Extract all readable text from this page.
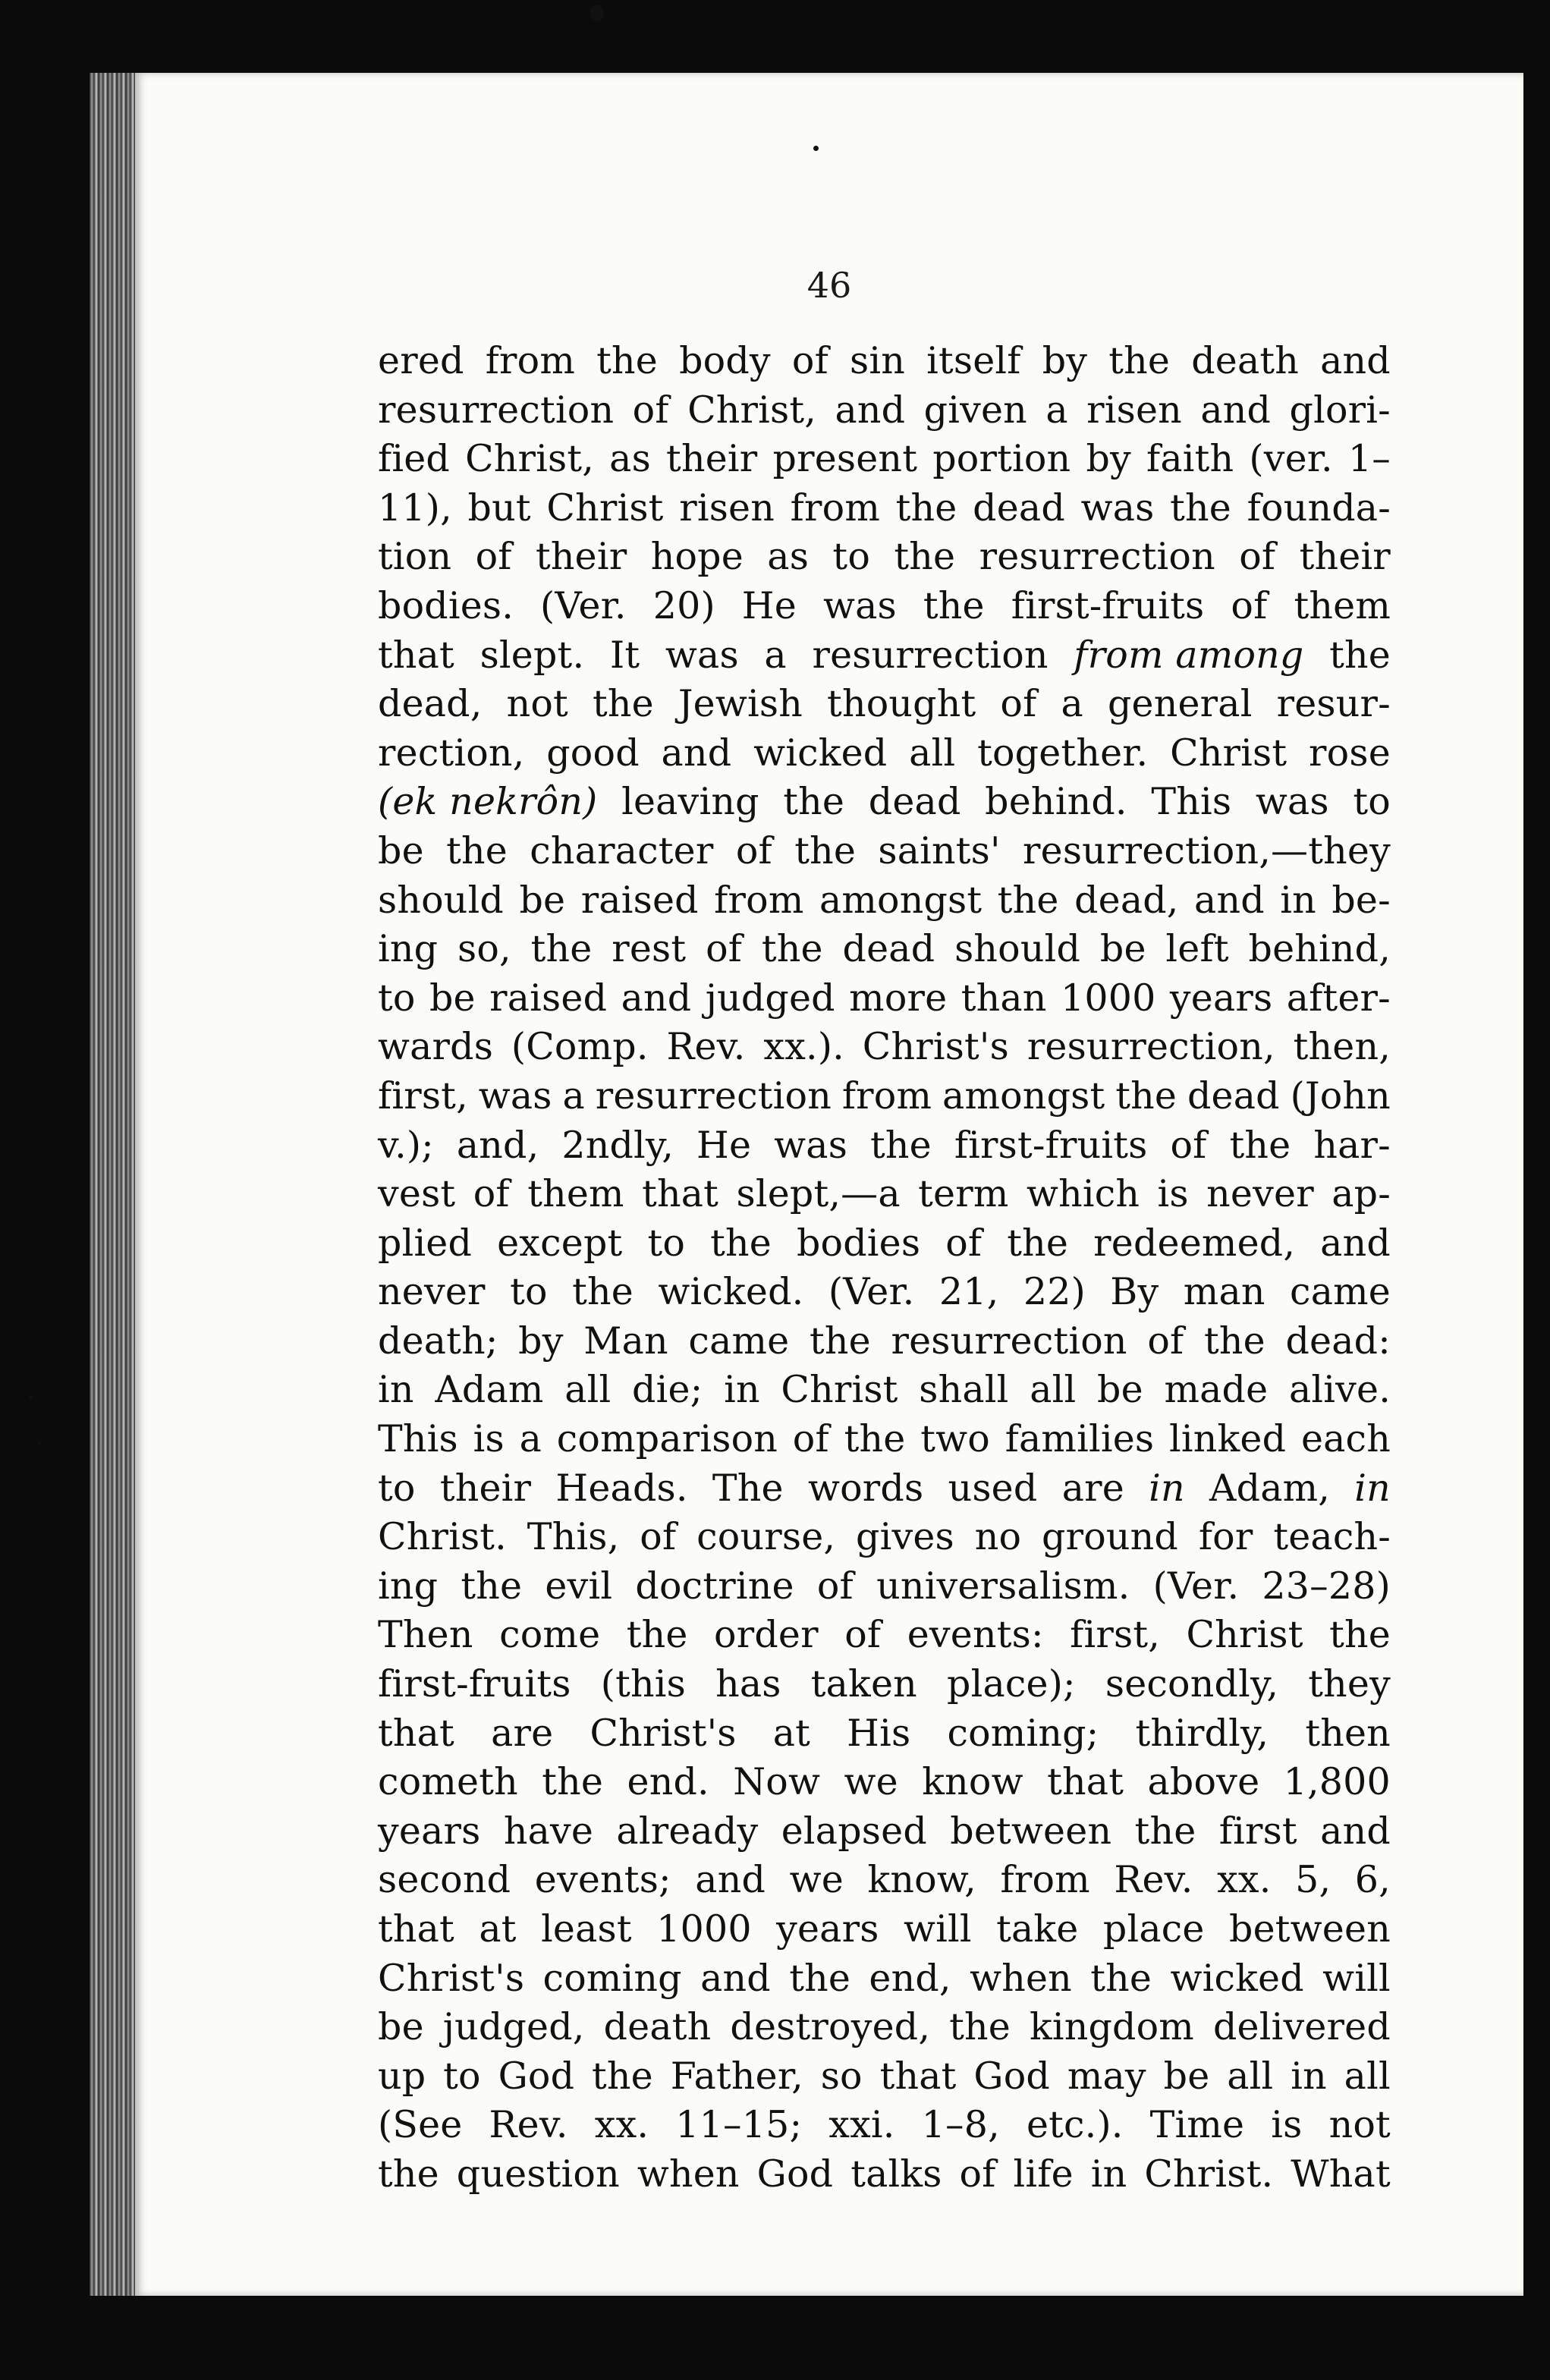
46
ered from the body of sin itself by the death and
resurrection of Christ, and given a risen and glori-
fied Christ, as their present portion by faith (ver. 1–
11), but Christ risen from the dead was the founda-
tion of their hope as to the resurrection of their
bodies. (Ver. 20) He was the first-fruits of them
that slept. It was a resurrection from among the
dead, not the Jewish thought of a general resur-
rection, good and wicked all together. Christ rose
(ek nekrôn) leaving the dead behind. This was to
be the character of the saints' resurrection,—they
should be raised from amongst the dead, and in be-
ing so, the rest of the dead should be left behind,
to be raised and judged more than 1000 years after-
wards (Comp. Rev. xx.). Christ's resurrection, then,
first, was a resurrection from amongst the dead (John
v.); and, 2ndly, He was the first-fruits of the har-
vest of them that slept,—a term which is never ap-
plied except to the bodies of the redeemed, and
never to the wicked. (Ver. 21, 22) By man came
death; by Man came the resurrection of the dead:
in Adam all die; in Christ shall all be made alive.
This is a comparison of the two families linked each
to their Heads. The words used are in Adam, in
Christ. This, of course, gives no ground for teach-
ing the evil doctrine of universalism. (Ver. 23–28)
Then come the order of events: first, Christ the
first-fruits (this has taken place); secondly, they
that are Christ's at His coming; thirdly, then
cometh the end. Now we know that above 1,800
years have already elapsed between the first and
second events; and we know, from Rev. xx. 5, 6,
that at least 1000 years will take place between
Christ's coming and the end, when the wicked will
be judged, death destroyed, the kingdom delivered
up to God the Father, so that God may be all in all
(See Rev. xx. 11–15; xxi. 1–8, etc.). Time is not
the question when God talks of life in Christ. What
